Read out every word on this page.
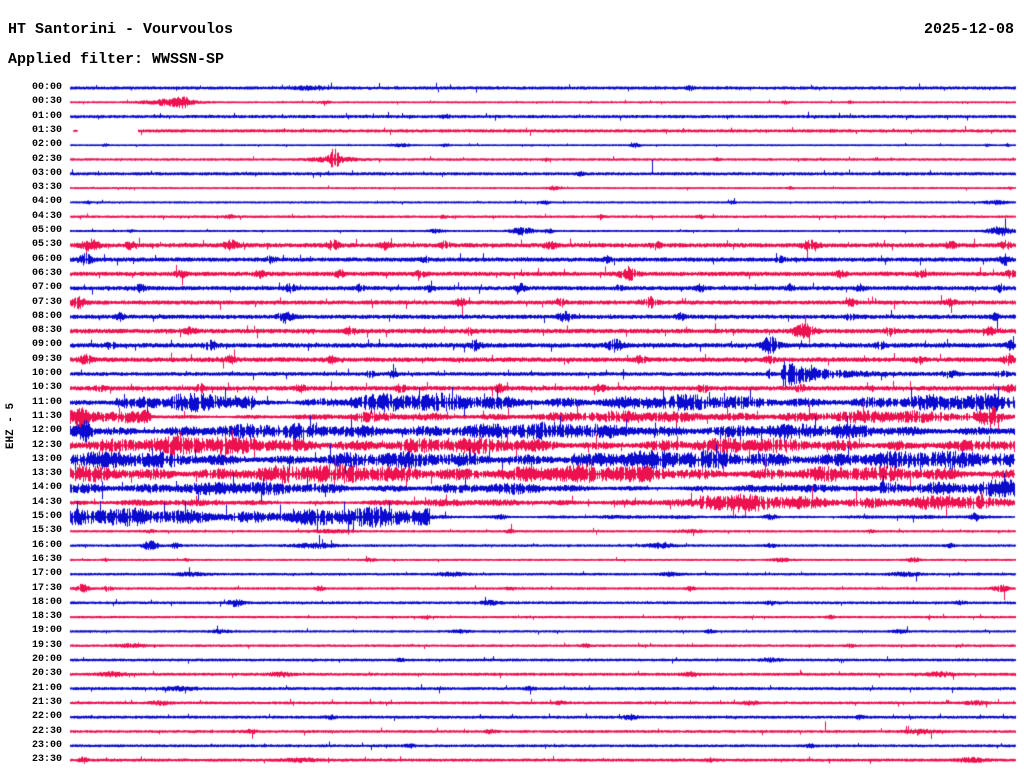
HT Santorini - Vourvoulos	2025-12-08
Applied filter: WWSSN-SP
EHZ - 5
00:00
00:30
01:00
01:30
02:00
02:30
03:00
03:30
04:00
04:30
05:00
05:30
06:00
06:30
07:00
07:30
08:00
08:30
09:00
09:30
10:00
10:30
11:00
11:30
12:00
12:30
13:00
13:30
14:00
14:30
15:00
15:30
16:00
16:30
17:00
17:30
18:00
18:30
19:00
19:30
20:00
20:30
21:00
21:30
22:00
22:30
23:00
23:30
